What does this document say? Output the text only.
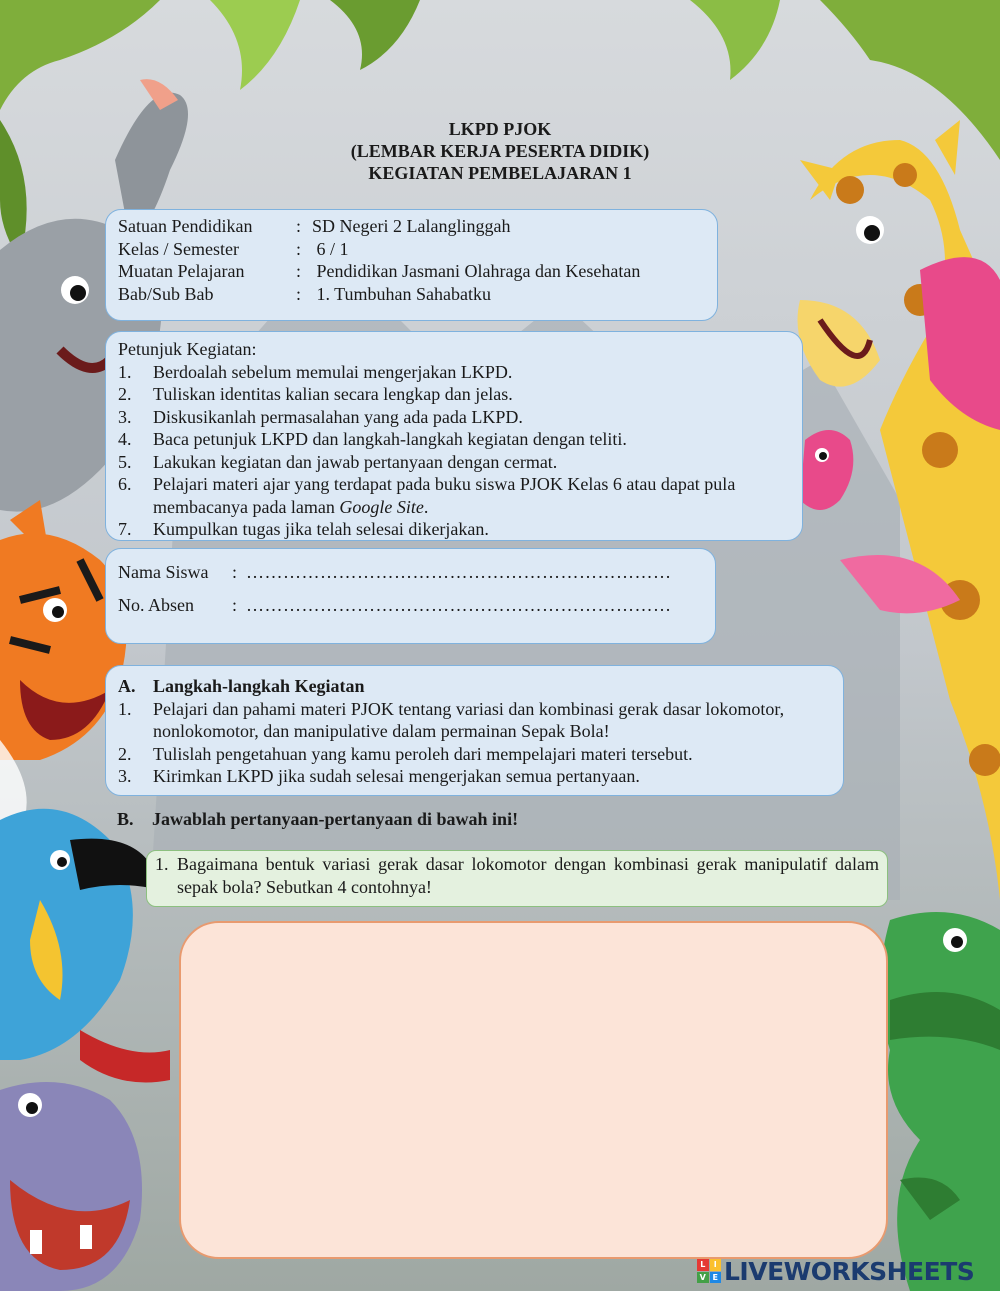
LKPD PJOK
(LEMBAR KERJA PESERTA DIDIK)
KEGIATAN PEMBELAJARAN 1
Satuan Pendidikan	: SD Negeri 2 Lalanglinggah
Kelas / Semester	: 6 / 1
Muatan Pelajaran	: Pendidikan Jasmani Olahraga dan Kesehatan
Bab/Sub Bab	: 1. Tumbuhan Sahabatku
Petunjuk Kegiatan:
1.	Berdoalah sebelum memulai mengerjakan LKPD.
2.	Tuliskan identitas kalian secara lengkap dan jelas.
3.	Diskusikanlah permasalahan yang ada pada LKPD.
4.	Baca petunjuk LKPD dan langkah-langkah kegiatan dengan teliti.
5.	Lakukan kegiatan dan jawab pertanyaan dengan cermat.
6.	Pelajari materi ajar yang terdapat pada buku siswa PJOK Kelas 6 atau dapat pula membacanya pada laman Google Site.
7.	Kumpulkan tugas jika telah selesai dikerjakan.
Nama Siswa	: ……………………………………………………………
No. Absen	: ……………………………………………………………
A. Langkah-langkah Kegiatan
1.	Pelajari dan pahami materi PJOK tentang variasi dan kombinasi gerak dasar lokomotor, nonlokomotor, dan manipulative dalam permainan Sepak Bola!
2.	Tulislah pengetahuan yang kamu peroleh dari mempelajari materi tersebut.
3.	Kirimkan LKPD jika sudah selesai mengerjakan semua pertanyaan.
B.	Jawablah pertanyaan-pertanyaan di bawah ini!
1. Bagaimana bentuk variasi gerak dasar lokomotor dengan kombinasi gerak manipulatif dalam sepak bola? Sebutkan 4 contohnya!
L	I
V E LIVEWORKSHEETS
